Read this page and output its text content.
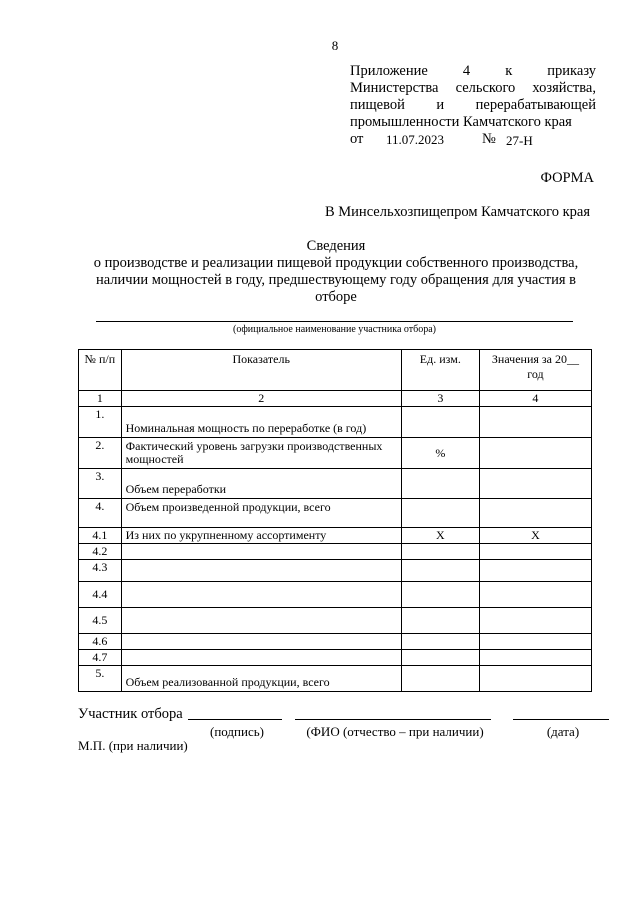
8
Приложение 4 к приказу
Министерства сельского хозяйства,
пищевой и перерабатывающей
промышленности Камчатского края
от	11.07.2023	№ 27-Н
ФОРМА
В Минсельхозпищепром Камчатского края
Сведения
о производстве и реализации пищевой продукции собственного производства,
наличии мощностей в году, предшествующему году обращения для участия в
отборе
(официальное наименование участника отбора)
№ п/п	Показатель	Ед. изм.	Значения за 20__ год
1	2	3	4
1.	Номинальная мощность по переработке (в год)		
2.	Фактический уровень загрузки производственных мощностей	%	
3.	Объем переработки		
4.	Объем произведенной продукции, всего		
4.1	Из них по укрупненному ассортименту	Х	Х
4.2			
4.3			
4.4			
4.5			
4.6			
4.7			
5.	Объем реализованной продукции, всего		
Участник отбора
(подпись)	(ФИО (отчество – при наличии)	(дата)
М.П. (при наличии)
